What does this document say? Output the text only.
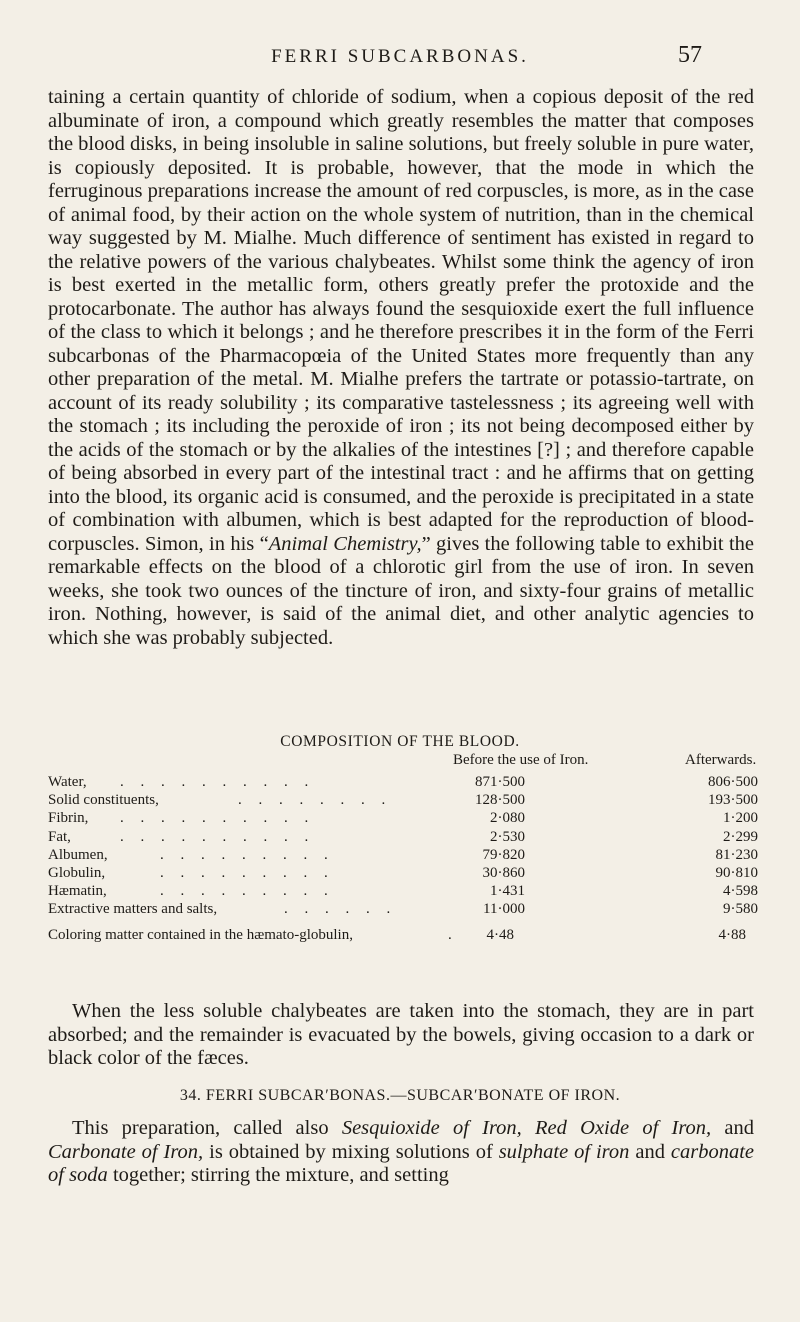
FERRI SUBCARBONAS.	57

taining a certain quantity of chloride of sodium, when a copious deposit of the red albuminate of iron, a compound which greatly resembles the matter that composes the blood disks, in being insoluble in saline solutions, but freely soluble in pure water, is copiously deposited. It is probable, however, that the mode in which the ferruginous preparations increase the amount of red corpuscles, is more, as in the case of animal food, by their action on the whole system of nutrition, than in the chemical way suggested by M. Mialhe. Much difference of sentiment has existed in regard to the relative powers of the various chalybeates. Whilst some think the agency of iron is best exerted in the metallic form, others greatly prefer the protoxide and the protocarbonate. The author has always found the sesquioxide exert the full influence of the class to which it belongs ; and he therefore prescribes it in the form of the Ferri subcarbonas of the Pharmacopœia of the United States more frequently than any other preparation of the metal. M. Mialhe prefers the tartrate or potassio-tartrate, on account of its ready solubility ; its comparative tastelessness ; its agreeing well with the stomach ; its including the peroxide of iron ; its not being decomposed either by the acids of the stomach or by the alkalies of the intestines [?] ; and therefore capable of being absorbed in every part of the intestinal tract : and he affirms that on getting into the blood, its organic acid is consumed, and the peroxide is precipitated in a state of combination with albumen, which is best adapted for the reproduction of blood-corpuscles. Simon, in his “Animal Chemistry,” gives the following table to exhibit the remarkable effects on the blood of a chlorotic girl from the use of iron. In seven weeks, she took two ounces of the tincture of iron, and sixty-four grains of metallic iron. Nothing, however, is said of the animal diet, and other analytic agencies to which she was probably subjected.

COMPOSITION OF THE BLOOD.
Before the use of Iron.	Afterwards.
Water, . . . . . . . . . .	871·500	806·500
Solid constituents,	. . . . . . . .	128·500	193·500
Fibrin, . . . . . . . . . .	2·080	1·200
Fat,	. . . . . . . . . .	2·530	2·299
Albumen,	. . . . . . . . .	79·820	81·230
Globulin,	. . . . . . . . .	30·860	90·810
Hæmatin,	. . . . . . . . .	1·431	4·598
Extractive matters and salts,	. . . . . .	11·000	9·580
Coloring matter contained in the hæmato-globulin,	. 4·48	4·88

When the less soluble chalybeates are taken into the stomach, they are in part absorbed; and the remainder is evacuated by the bowels, giving occasion to a dark or black color of the fæces.

34. FERRI SUBCAR′BONAS.—SUBCAR′BONATE OF IRON.

This preparation, called also Sesquioxide of Iron, Red Oxide of Iron, and Carbonate of Iron, is obtained by mixing solutions of sulphate of iron and carbonate of soda together; stirring the mixture, and setting
